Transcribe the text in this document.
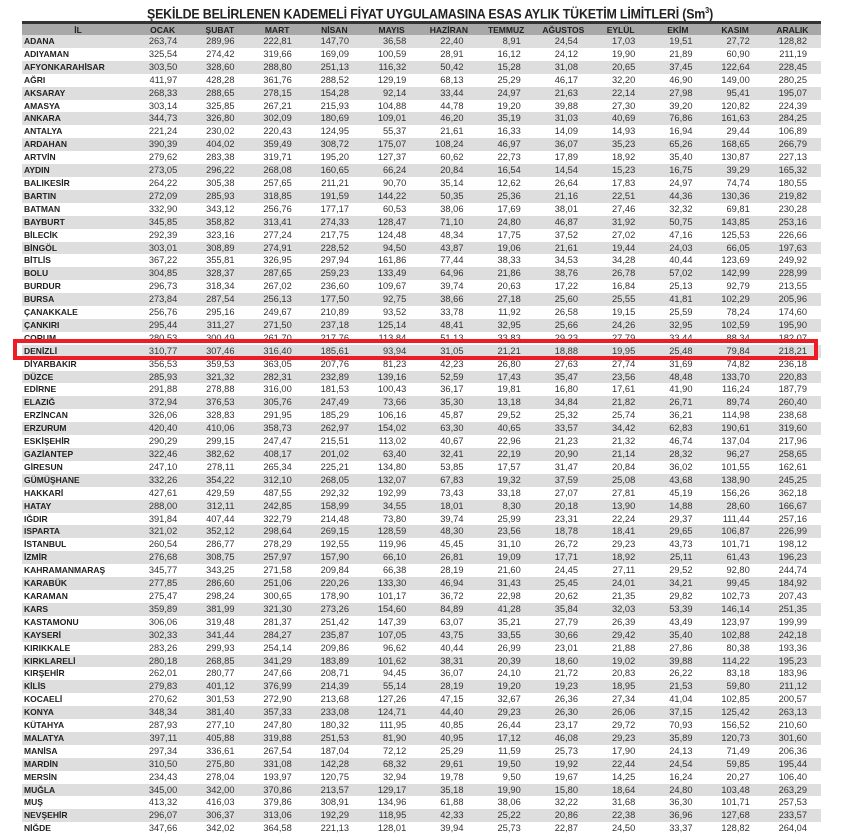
ŞEKİLDE BELİRLENEN KADEMELİ FİYAT UYGULAMASINA ESAS AYLIK TÜKETİM LİMİTLERİ (Sm$^3$)
İL	OCAK	ŞUBAT	MART	NİSAN	MAYIS	HAZİRAN	TEMMUZ	AĞUSTOS	EYLÜL	EKİM	KASIM	ARALIK
ADANA	263,74	289,96	222,81	147,70	36,58	22,40	8,91	24,54	17,03	19,51	27,72	128,82
ADIYAMAN	325,54	274,42	319,66	169,09	100,59	28,91	16,12	24,12	19,90	21,89	60,90	211,19
AFYONKARAHİSAR	303,50	328,60	288,80	251,13	116,32	50,42	15,28	31,08	20,65	37,45	122,64	228,45
AĞRI	411,97	428,28	361,76	288,52	129,19	68,13	25,29	46,17	32,20	46,90	149,00	280,25
AKSARAY	268,33	288,65	278,15	154,28	92,14	33,44	24,97	21,63	22,14	27,98	95,41	195,07
AMASYA	303,14	325,85	267,21	215,93	104,88	44,78	19,20	39,88	27,30	39,20	120,82	224,39
ANKARA	344,73	326,80	302,09	180,69	109,01	46,20	35,19	31,03	40,69	76,86	161,63	284,25
ANTALYA	221,24	230,02	220,43	124,95	55,37	21,61	16,33	14,09	14,93	16,94	29,44	106,89
ARDAHAN	390,39	404,02	359,49	308,72	175,07	108,24	46,97	36,07	35,23	65,26	168,65	266,79
ARTVİN	279,62	283,38	319,71	195,20	127,37	60,62	22,73	17,89	18,92	35,40	130,87	227,13
AYDIN	273,05	296,22	268,08	160,65	66,24	20,84	16,54	14,54	15,23	16,75	39,29	165,32
BALIKESİR	264,22	305,38	257,65	211,21	90,70	35,14	12,62	26,64	17,83	24,97	74,74	180,55
BARTIN	272,09	285,93	318,85	191,59	144,22	50,35	25,36	21,16	22,51	44,36	130,36	219,82
BATMAN	332,90	343,12	256,76	177,17	60,53	38,06	17,69	38,01	27,46	32,32	69,81	230,28
BAYBURT	345,85	358,82	313,41	274,33	128,47	71,10	24,80	46,87	31,92	50,75	143,85	253,16
BİLECİK	292,39	323,16	277,24	217,75	124,48	48,34	17,75	37,52	27,02	47,16	125,53	226,66
BİNGÖL	303,01	308,89	274,91	228,52	94,50	43,87	19,06	21,61	19,44	24,03	66,05	197,63
BİTLİS	367,22	355,81	326,95	297,94	161,86	77,44	38,33	34,53	34,28	40,44	123,69	249,92
BOLU	304,85	328,37	287,65	259,23	133,49	64,96	21,86	38,76	26,78	57,02	142,99	228,99
BURDUR	296,73	318,34	267,02	236,60	109,67	39,74	20,63	17,22	16,84	25,13	92,79	213,55
BURSA	273,84	287,54	256,13	177,50	92,75	38,66	27,18	25,60	25,55	41,81	102,29	205,96
ÇANAKKALE	256,76	295,16	249,67	210,89	93,52	33,78	11,92	26,58	19,15	25,59	78,24	174,60
ÇANKIRI	295,44	311,27	271,50	237,18	125,14	48,41	32,95	25,66	24,26	32,95	102,59	195,90
ÇORUM	280,53	300,49	261,70	217,76	113,84	51,13	33,83	29,23	27,79	33,44	88,34	182,07
DENİZLİ	310,77	307,46	316,40	185,61	93,94	31,05	21,21	18,88	19,95	25,48	79,84	218,21
DİYARBAKIR	356,53	359,53	363,05	207,76	81,23	42,23	26,80	27,63	27,74	31,69	74,82	236,18
DÜZCE	285,93	321,32	282,31	232,89	139,16	52,59	17,43	35,47	23,56	48,48	133,70	220,83
EDİRNE	291,88	278,88	316,00	181,53	100,43	36,17	19,81	16,80	17,61	41,90	116,24	187,79
ELAZIĞ	372,94	376,53	305,76	247,49	73,66	35,30	13,18	34,84	21,82	26,71	89,74	260,40
ERZİNCAN	326,06	328,83	291,95	185,29	106,16	45,87	29,52	25,32	25,74	36,21	114,98	238,68
ERZURUM	420,40	410,06	358,73	262,97	154,02	63,30	40,65	33,57	34,42	62,83	190,61	319,60
ESKİŞEHİR	290,29	299,15	247,47	215,51	113,02	40,67	22,96	21,23	21,32	46,74	137,04	217,96
GAZİANTEP	322,46	382,62	408,17	201,02	63,40	32,41	22,19	20,90	21,14	28,32	96,27	258,65
GİRESUN	247,10	278,11	265,34	225,21	134,80	53,85	17,57	31,47	20,84	36,02	101,55	162,61
GÜMÜŞHANE	332,26	354,22	312,10	268,05	132,07	67,83	19,32	37,59	25,08	43,68	138,90	245,25
HAKKARİ	427,61	429,59	487,55	292,32	192,99	73,43	33,18	27,07	27,81	45,19	156,26	362,18
HATAY	288,00	312,11	242,85	158,99	34,55	18,01	8,30	20,18	13,90	14,88	28,60	166,67
IĞDIR	391,84	407,44	322,79	214,48	73,80	39,74	25,99	23,31	22,24	29,37	111,44	257,16
ISPARTA	321,02	352,12	298,64	269,15	128,59	48,30	23,56	18,78	18,41	29,65	106,87	226,99
İSTANBUL	260,54	286,77	278,29	192,55	119,96	45,45	31,10	26,72	29,23	43,73	101,71	198,12
İZMİR	276,68	308,75	257,97	157,90	66,10	26,81	19,09	17,71	18,92	25,11	61,43	196,23
KAHRAMANMARAŞ	345,77	343,25	271,58	209,84	66,38	28,19	21,60	24,45	27,11	29,52	92,80	244,74
KARABÜK	277,85	286,60	251,06	220,26	133,30	46,94	31,43	25,45	24,01	34,21	99,45	184,92
KARAMAN	275,47	298,24	300,65	178,90	101,17	36,72	22,98	20,62	21,35	29,82	102,73	207,43
KARS	359,89	381,99	321,30	273,26	154,60	84,89	41,28	35,84	32,03	53,39	146,14	251,35
KASTAMONU	306,06	319,48	281,37	251,42	147,39	63,07	35,21	27,79	26,39	43,49	123,97	199,99
KAYSERİ	302,33	341,44	284,27	235,87	107,05	43,75	33,55	30,66	29,42	35,40	102,88	242,18
KIRIKKALE	283,26	299,93	254,14	209,86	96,62	40,44	26,99	23,01	21,88	27,86	80,38	193,36
KIRKLARELİ	280,18	268,85	341,29	183,89	101,62	38,31	20,39	18,60	19,02	39,88	114,22	195,23
KIRŞEHİR	262,01	280,77	247,66	208,71	94,45	36,07	24,10	21,72	20,83	26,22	83,18	183,96
KİLİS	279,83	401,12	376,99	214,39	55,14	28,19	19,20	19,23	18,95	21,53	59,80	211,12
KOCAELİ	270,62	301,53	272,90	213,68	127,26	47,15	32,67	26,36	27,34	41,04	102,85	200,57
KONYA	348,34	381,40	357,33	233,08	124,71	44,40	29,23	26,30	26,06	37,15	125,42	263,13
KÜTAHYA	287,93	277,10	247,80	180,32	111,95	40,85	26,44	23,17	29,72	70,93	156,52	210,60
MALATYA	397,11	405,88	319,88	251,53	81,90	40,95	17,12	46,08	29,23	35,89	120,73	301,60
MANİSA	297,34	336,61	267,54	187,04	72,12	25,29	11,59	25,73	17,90	24,13	71,49	206,36
MARDİN	310,50	275,80	331,08	142,28	68,32	29,61	19,50	19,92	22,44	24,54	59,85	195,44
MERSİN	234,43	278,04	193,97	120,75	32,94	19,78	9,50	19,67	14,25	16,24	20,27	106,40
MUĞLA	345,00	342,00	370,86	213,57	129,17	35,18	19,90	15,80	18,64	24,80	103,48	263,29
MUŞ	413,32	416,03	379,86	308,91	134,96	61,88	38,06	32,22	31,68	36,30	101,71	257,53
NEVŞEHİR	296,07	306,37	313,06	192,29	118,95	42,33	25,22	20,86	22,38	36,96	127,68	233,57
NİĞDE	347,66	342,02	364,58	221,13	128,01	39,94	25,73	22,87	24,50	33,37	128,82	264,04
